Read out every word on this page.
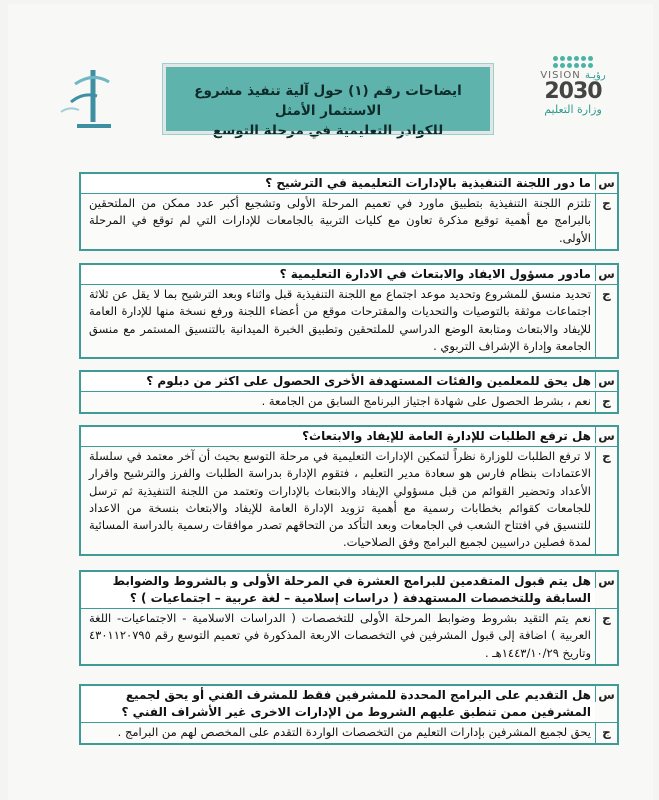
VISION رؤيـة
2030
وزارة التعليم
ايضاحات رقم (١) حول آلية تنفيذ مشروع الاستثمار الأمثل
للكوادر التعليمية في مرحلة التوسع
س
ما دور اللجنة التنفيذية بالإدارات التعليمية في الترشيح ؟
ج
تلتزم اللجنة التنفيذية بتطبيق ماورد في تعميم المرحلة الأولى وتشجيع أكبر عدد ممكن من الملتحقين بالبرامج مع أهمية توقيع مذكرة تعاون مع كليات التربية بالجامعات للإدارات التي لم توقع في المرحلة الأولى.
س
مادور مسؤول الايفاد والابتعاث في الادارة التعليمية ؟
ج
تحديد منسق للمشروع وتحديد موعد اجتماع مع اللجنة التنفيذية قبل واثناء وبعد الترشيح بما لا يقل عن ثلاثة اجتماعات موثقة بالتوصيات والتحديات والمقترحات موقع من أعضاء اللجنة ورفع نسخة منها للإدارة العامة للإيفاد والابتعاث ومتابعة الوضع الدراسي للملتحقين وتطبيق الخبرة الميدانية بالتنسيق المستمر مع منسق الجامعة وإدارة الإشراف التربوي .
س
هل يحق للمعلمين والفئات المستهدفة الأخرى الحصول على اكثر من دبلوم ؟
ج
نعم ، بشرط الحصول على شهادة اجتياز البرنامج السابق من الجامعة .
س
هل ترفع الطلبات للإدارة العامة للإيفاد والابتعاث؟
ج
لا ترفع الطلبات للوزارة نظراً لتمكين الإدارات التعليمية في مرحلة التوسع بحيث أن آخر معتمد في سلسلة الاعتمادات بنظام فارس هو سعادة مدير التعليم ، فتقوم الإدارة بدراسة الطلبات والفرز والترشيح واقرار الأعداد وتحضير القوائم من قبل مسؤولي الإيفاد والابتعاث بالإدارات وتعتمد من اللجنة التنفيذية ثم ترسل للجامعات كقوائم بخطابات رسمية مع أهمية تزويد الإدارة العامة للإيفاد والابتعاث بنسخة من الاعداد للتنسيق في افتتاح الشعب في الجامعات وبعد التأكد من التحاقهم تصدر موافقات رسمية بالدراسة المسائية لمدة فصلين دراسيين لجميع البرامج وفق الصلاحيات.
س
هل يتم قبول المتقدمين للبرامج العشرة في المرحلة الأولى و بالشروط والضوابط السابقة وللتخصصات المستهدفة ( دراسات إسلامية – لغة عربية – اجتماعيات ) ؟
ج
نعم يتم التقيد بشروط وضوابط المرحلة الأولى للتخصصات ( الدراسات الاسلامية - الاجتماعيات- اللغة العربية ) اضافة إلى قبول المشرفين في التخصصات الاربعة المذكورة في تعميم التوسع رقم ٤٣٠١١٢٠٧٩٥ وتاريخ ١٤٤٣/١٠/٢٩هـ .
س
هل التقديم على البرامج المحددة للمشرفين فقط للمشرف الفني أو يحق لجميع المشرفين ممن تنطبق عليهم الشروط من الإدارات الاخرى غير الأشراف الفني ؟
ج
يحق لجميع المشرفين بإدارات التعليم من التخصصات الواردة التقدم على المخصص لهم من البرامج .
